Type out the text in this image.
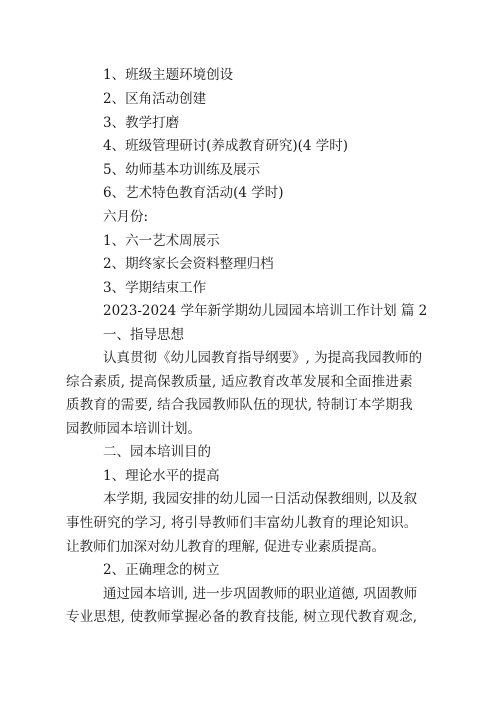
1、班级主题环境创设
2、区角活动创建
3、教学打磨
4、班级管理研讨(养成教育研究)(4 学时)
5、幼师基本功训练及展示
6、艺术特色教育活动(4 学时)
六月份:
1、六一艺术周展示
2、期终家长会资料整理归档
3、学期结束工作
2023-2024 学年新学期幼儿园园本培训工作计划 篇 2
一、指导思想
认真贯彻《幼儿园教育指导纲要》, 为提高我园教师的
综合素质, 提高保教质量, 适应教育改革发展和全面推进素
质教育的需要, 结合我园教师队伍的现状, 特制订本学期我
园教师园本培训计划。
二、园本培训目的
1、理论水平的提高
本学期, 我园安排的幼儿园一日活动保教细则, 以及叙
事性研究的学习, 将引导教师们丰富幼儿教育的理论知识。
让教师们加深对幼儿教育的理解, 促进专业素质提高。
2、正确理念的树立
通过园本培训, 进一步巩固教师的职业道德, 巩固教师
专业思想, 使教师掌握必备的教育技能, 树立现代教育观念,
